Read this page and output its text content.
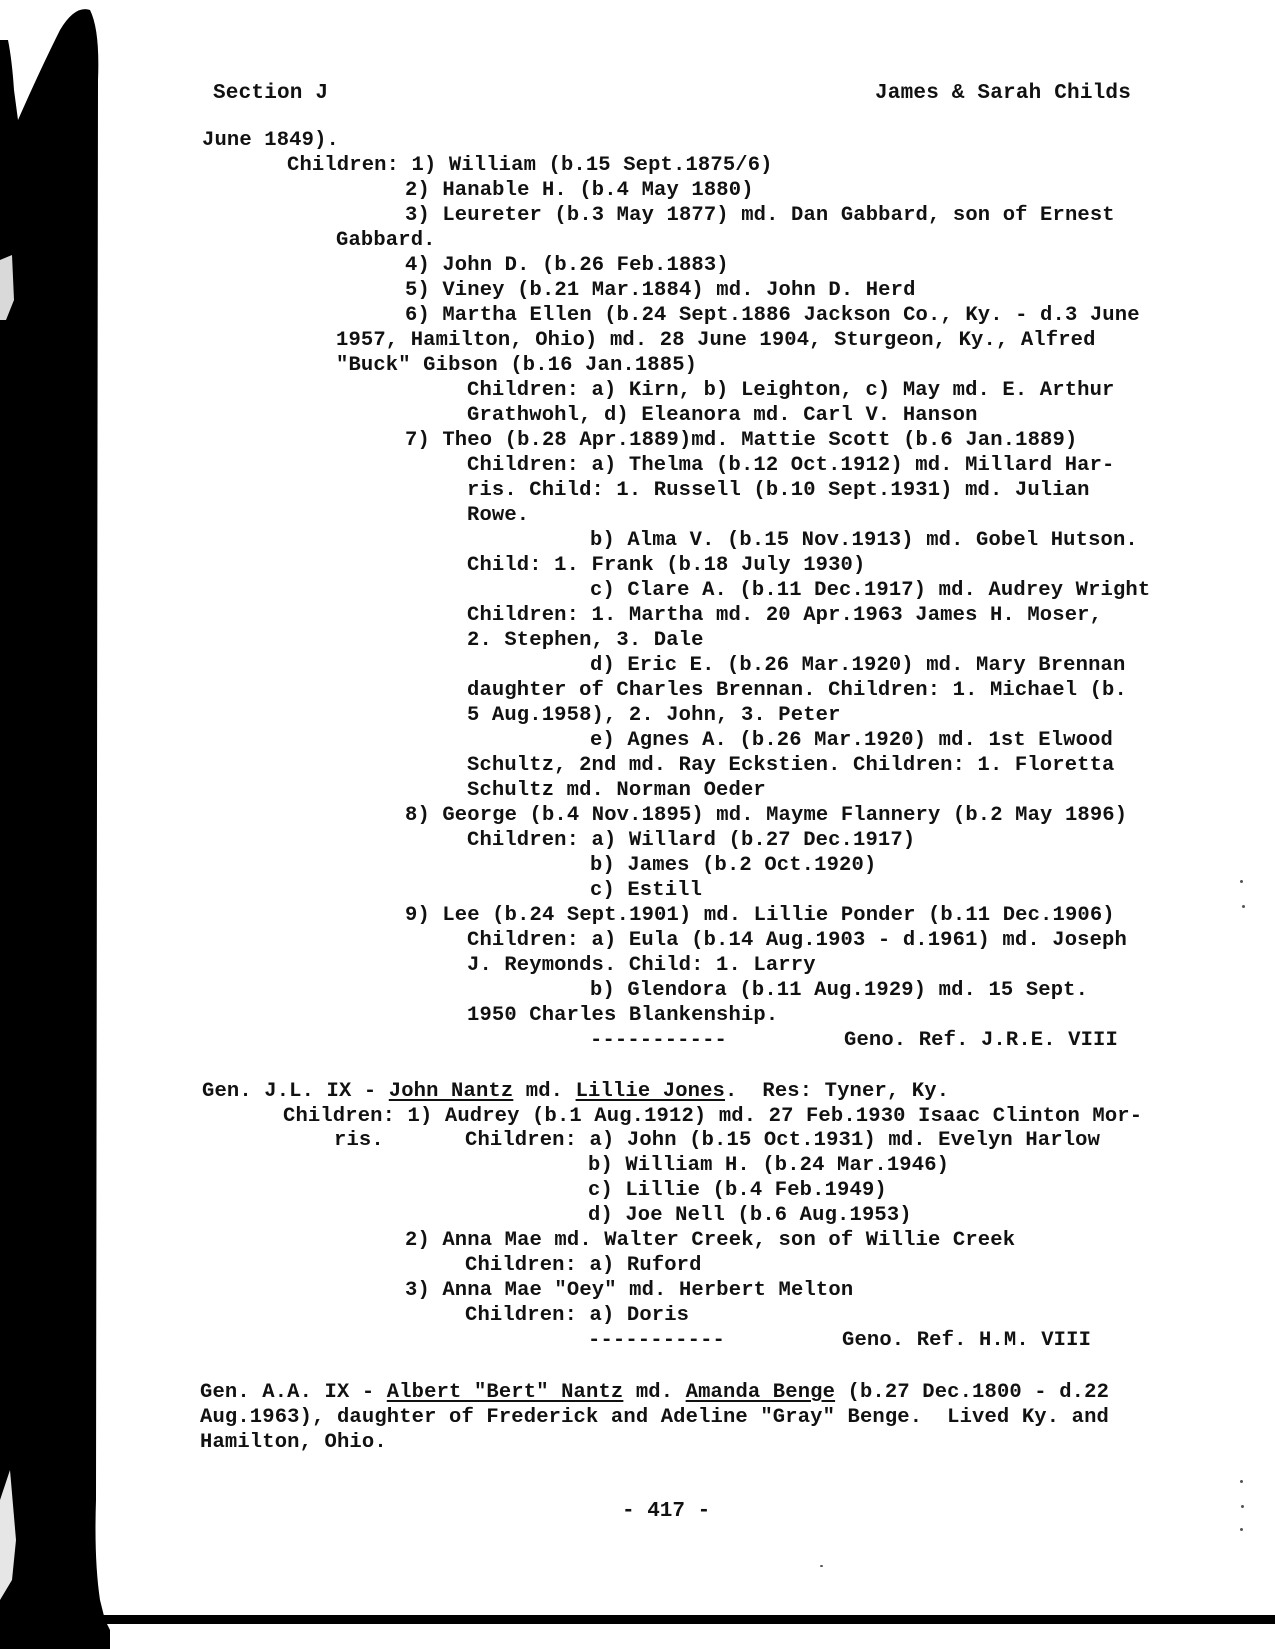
Section J	James & Sarah Childs
June 1849).
Children: 1) William (b.15 Sept.1875/6)
2) Hanable H. (b.4 May 1880)
3) Leureter (b.3 May 1877) md. Dan Gabbard, son of Ernest
Gabbard.
4) John D. (b.26 Feb.1883)
5) Viney (b.21 Mar.1884) md. John D. Herd
6) Martha Ellen (b.24 Sept.1886 Jackson Co., Ky. - d.3 June
1957, Hamilton, Ohio) md. 28 June 1904, Sturgeon, Ky., Alfred
"Buck" Gibson (b.16 Jan.1885)
Children: a) Kirn, b) Leighton, c) May md. E. Arthur
Grathwohl, d) Eleanora md. Carl V. Hanson
7) Theo (b.28 Apr.1889)md. Mattie Scott (b.6 Jan.1889)
Children: a) Thelma (b.12 Oct.1912) md. Millard Har-
ris. Child: 1. Russell (b.10 Sept.1931) md. Julian
Rowe.
b) Alma V. (b.15 Nov.1913) md. Gobel Hutson.
Child: 1. Frank (b.18 July 1930)
c) Clare A. (b.11 Dec.1917) md. Audrey Wright
Children: 1. Martha md. 20 Apr.1963 James H. Moser,
2. Stephen, 3. Dale
d) Eric E. (b.26 Mar.1920) md. Mary Brennan
daughter of Charles Brennan. Children: 1. Michael (b.
5 Aug.1958), 2. John, 3. Peter
e) Agnes A. (b.26 Mar.1920) md. 1st Elwood
Schultz, 2nd md. Ray Eckstien. Children: 1. Floretta
Schultz md. Norman Oeder
8) George (b.4 Nov.1895) md. Mayme Flannery (b.2 May 1896)
Children: a) Willard (b.27 Dec.1917)
b) James (b.2 Oct.1920)
c) Estill
9) Lee (b.24 Sept.1901) md. Lillie Ponder (b.11 Dec.1906)
Children: a) Eula (b.14 Aug.1903 - d.1961) md. Joseph
J. Reymonds. Child: 1. Larry
b) Glendora (b.11 Aug.1929) md. 15 Sept.
1950 Charles Blankenship.
-----------	Geno. Ref. J.R.E. VIII
Gen. J.L. IX - John Nantz md. Lillie Jones.  Res: Tyner, Ky.
Children: 1) Audrey (b.1 Aug.1912) md. 27 Feb.1930 Isaac Clinton Mor-
ris.	Children: a) John (b.15 Oct.1931) md. Evelyn Harlow
b) William H. (b.24 Mar.1946)
c) Lillie (b.4 Feb.1949)
d) Joe Nell (b.6 Aug.1953)
2) Anna Mae md. Walter Creek, son of Willie Creek
Children: a) Ruford
3) Anna Mae "Oey" md. Herbert Melton
Children: a) Doris
-----------	Geno. Ref. H.M. VIII
Gen. A.A. IX - Albert "Bert" Nantz md. Amanda Benge (b.27 Dec.1800 - d.22
Aug.1963), daughter of Frederick and Adeline "Gray" Benge.  Lived Ky. and
Hamilton, Ohio.
- 417 -
